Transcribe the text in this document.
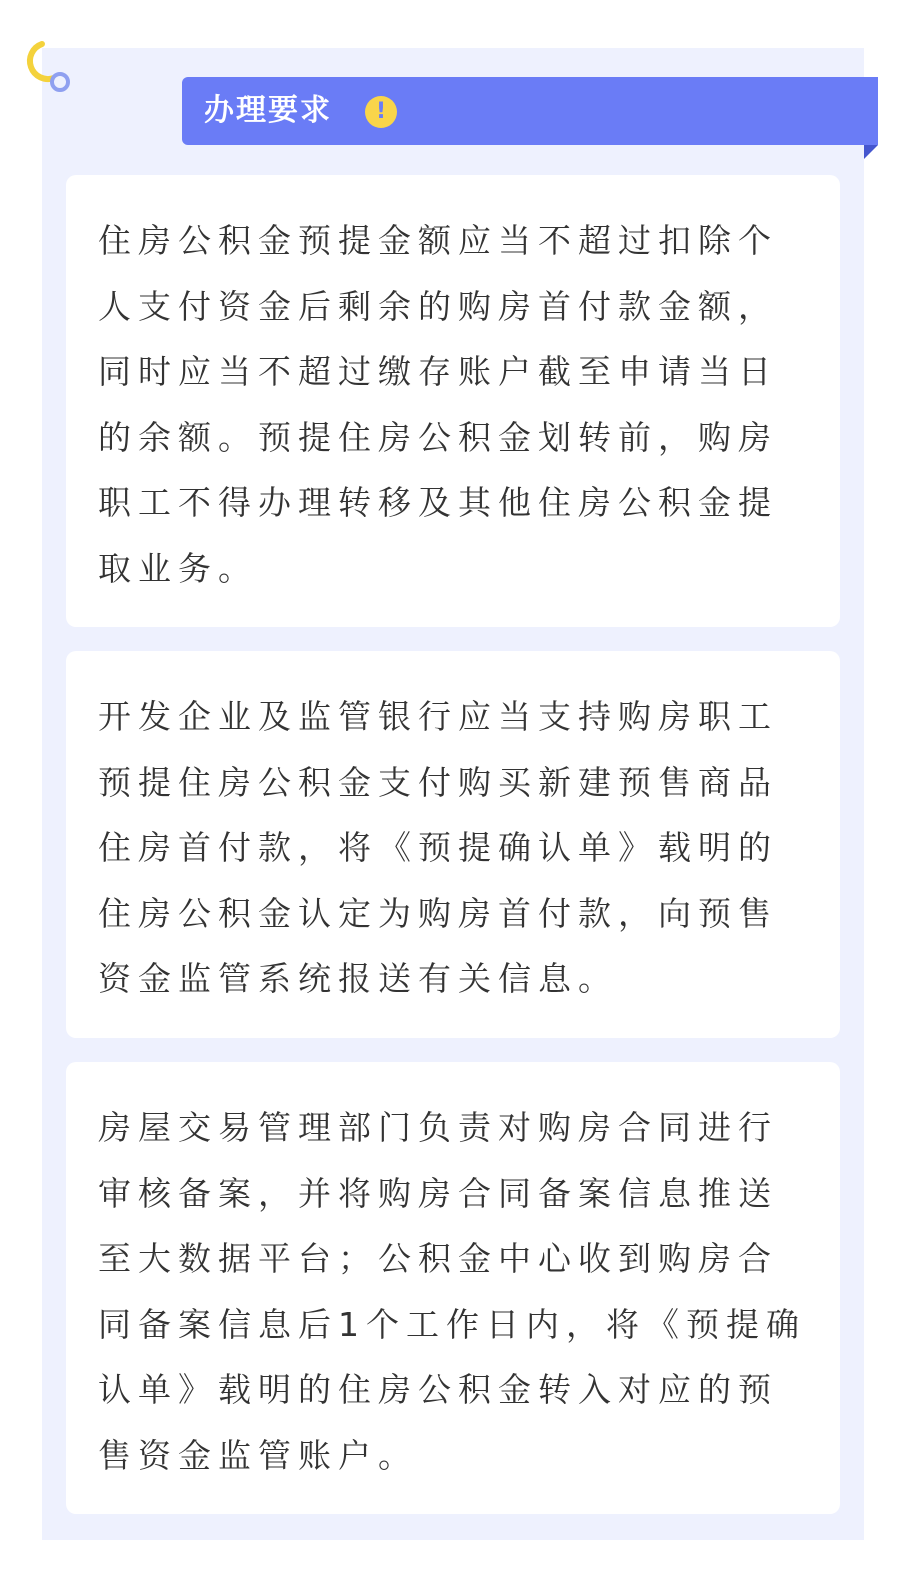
办理要求	!
住房公积金预提金额应当不超过扣除个
人支付资金后剩余的购房首付款金额，
同时应当不超过缴存账户截至申请当日
的余额。预提住房公积金划转前，购房
职工不得办理转移及其他住房公积金提
取业务。
开发企业及监管银行应当支持购房职工
预提住房公积金支付购买新建预售商品
住房首付款，将《预提确认单》载明的
住房公积金认定为购房首付款，向预售
资金监管系统报送有关信息。
房屋交易管理部门负责对购房合同进行
审核备案，并将购房合同备案信息推送
至大数据平台；公积金中心收到购房合
同备案信息后1个工作日内，将《预提确
认单》载明的住房公积金转入对应的预
售资金监管账户。
